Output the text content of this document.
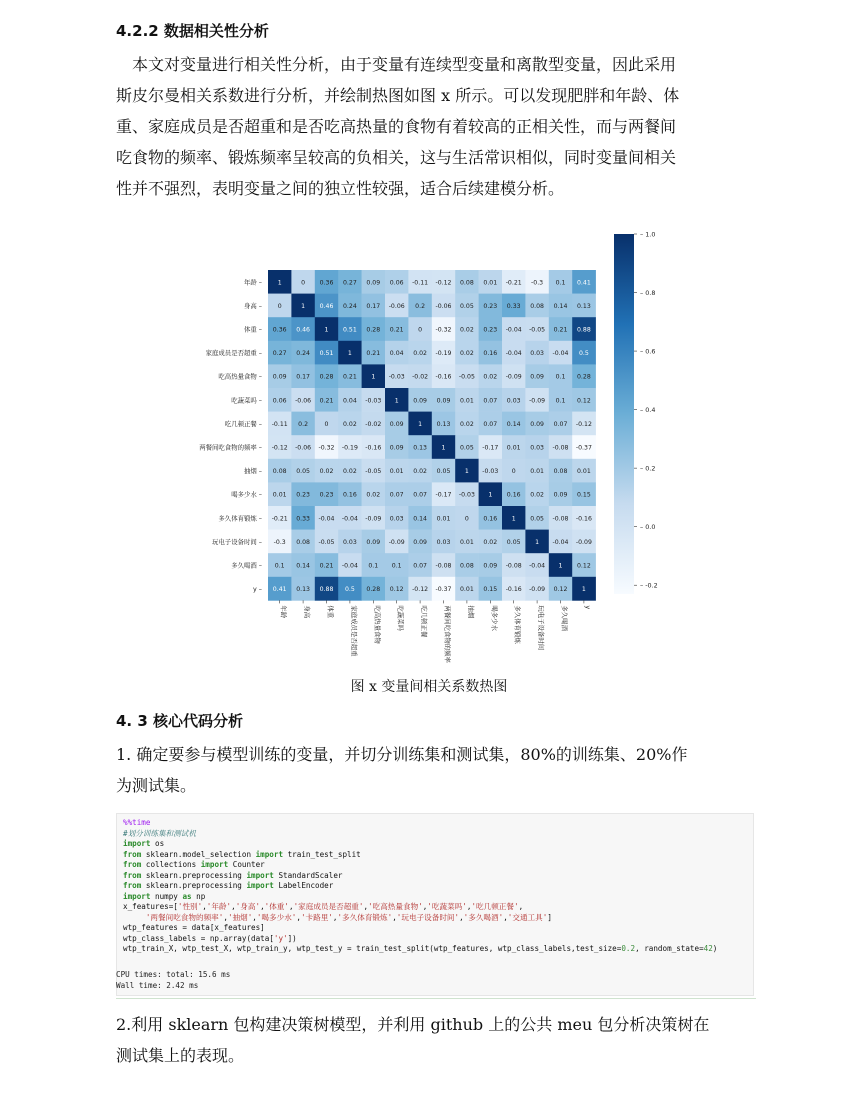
4.2.2 数据相关性分析
本文对变量进行相关性分析，由于变量有连续型变量和离散型变量，因此采用
斯皮尔曼相关系数进行分析，并绘制热图如图 x 所示。可以发现肥胖和年龄、体
重、家庭成员是否超重和是否吃高热量的食物有着较高的正相关性，而与两餐间
吃食物的频率、锻炼频率呈较高的负相关，这与生活常识相似，同时变量间相关
性并不强烈，表明变量之间的独立性较强，适合后续建模分析。
1	0 0.36 0.27 0.09 0.06 -0.11 -0.12 0.08 0.01 -0.21 -0.3 0.1 0.41
0	1 0.46 0.24 0.17 -0.06 0.2 -0.06 0.05 0.23 0.33 0.08 0.14 0.13
0.36 0.46 1 0.51 0.28 0.21 0 -0.32 0.02 0.23 -0.04 -0.05 0.21 0.88
0.27 0.24 0.51 1 0.21 0.04 0.02 -0.19 0.02 0.16 -0.04 0.03 -0.04 0.5
0.09 0.17 0.28 0.21 1 -0.03 -0.02 -0.16 -0.05 0.02 -0.09 0.09 0.1 0.28
0.06 -0.06 0.21 0.04 -0.03 1 0.09 0.09 0.01 0.07 0.03 -0.09 0.1 0.12
-0.11 0.2	0 0.02 -0.02 0.09 1 0.13 0.02 0.07 0.14 0.09 0.07 -0.12
-0.12 -0.06 -0.32 -0.19 -0.16 0.09 0.13 1 0.05 -0.17 0.01 0.03 -0.08 -0.37
0.08 0.05 0.02 0.02 -0.05 0.01 0.02 0.05 1 -0.03 0 0.01 0.08 0.01
0.01 0.23 0.23 0.16 0.02 0.07 0.07 -0.17 -0.03 1 0.16 0.02 0.09 0.15
-0.21 0.33 -0.04 -0.04 -0.09 0.03 0.14 0.01 0 0.16 1 0.05 -0.08 -0.16
-0.3 0.08 -0.05 0.03 0.09 -0.09 0.09 0.03 0.01 0.02 0.05 1 -0.04 -0.09
0.1 0.14 0.21 -0.04 0.1 0.1 0.07 -0.08 0.08 0.09 -0.08 -0.04 1 0.12
0.41 0.13 0.88 0.5 0.28 0.12 -0.12 -0.37 0.01 0.15 -0.16 -0.09 0.12 1
年龄 –
身高 –
体重 –
家庭成员是否超重 –
吃高热量食物 –
吃蔬菜吗 –
吃几顿正餐 –
两餐间吃食物的频率 –
抽烟 –
喝多少水 –
多久体育锻炼 –
玩电子设备时间 –
多久喝酒 –
y –
年龄 身高 体重 家庭成员是否超重 吃高热量食物 吃蔬菜吗 吃几顿正餐 两餐间吃食物的频率 抽烟 喝多少水 多久体育锻炼 玩电子设备时间 多久喝酒 y
– 1.0
– 0.8
– 0.6
– 0.4
– 0.2
– 0.0
– -0.2
图 x 变量间相关系数热图
4. 3 核心代码分析
1. 确定要参与模型训练的变量，并切分训练集和测试集，80%的训练集、20%作
为测试集。
%%time
#划分训练集和测试机
import os
from sklearn.model_selection import train_test_split
from collections import Counter
from sklearn.preprocessing import StandardScaler
from sklearn.preprocessing import LabelEncoder
import numpy as np
x_features=['性别','年龄','身高','体重','家庭成员是否超重','吃高热量食物','吃蔬菜吗','吃几顿正餐',
'两餐间吃食物的频率','抽烟','喝多少水','卡路里','多久体育锻炼','玩电子设备时间','多久喝酒','交通工具']
wtp_features = data[x_features]
wtp_class_labels = np.array(data['y'])
wtp_train_X, wtp_test_X, wtp_train_y, wtp_test_y = train_test_split(wtp_features, wtp_class_labels,test_size=0.2, random_state=42)
CPU times: total: 15.6 ms
Wall time: 2.42 ms
2.利用 sklearn 包构建决策树模型，并利用 github 上的公共 meu 包分析决策树在
测试集上的表现。
